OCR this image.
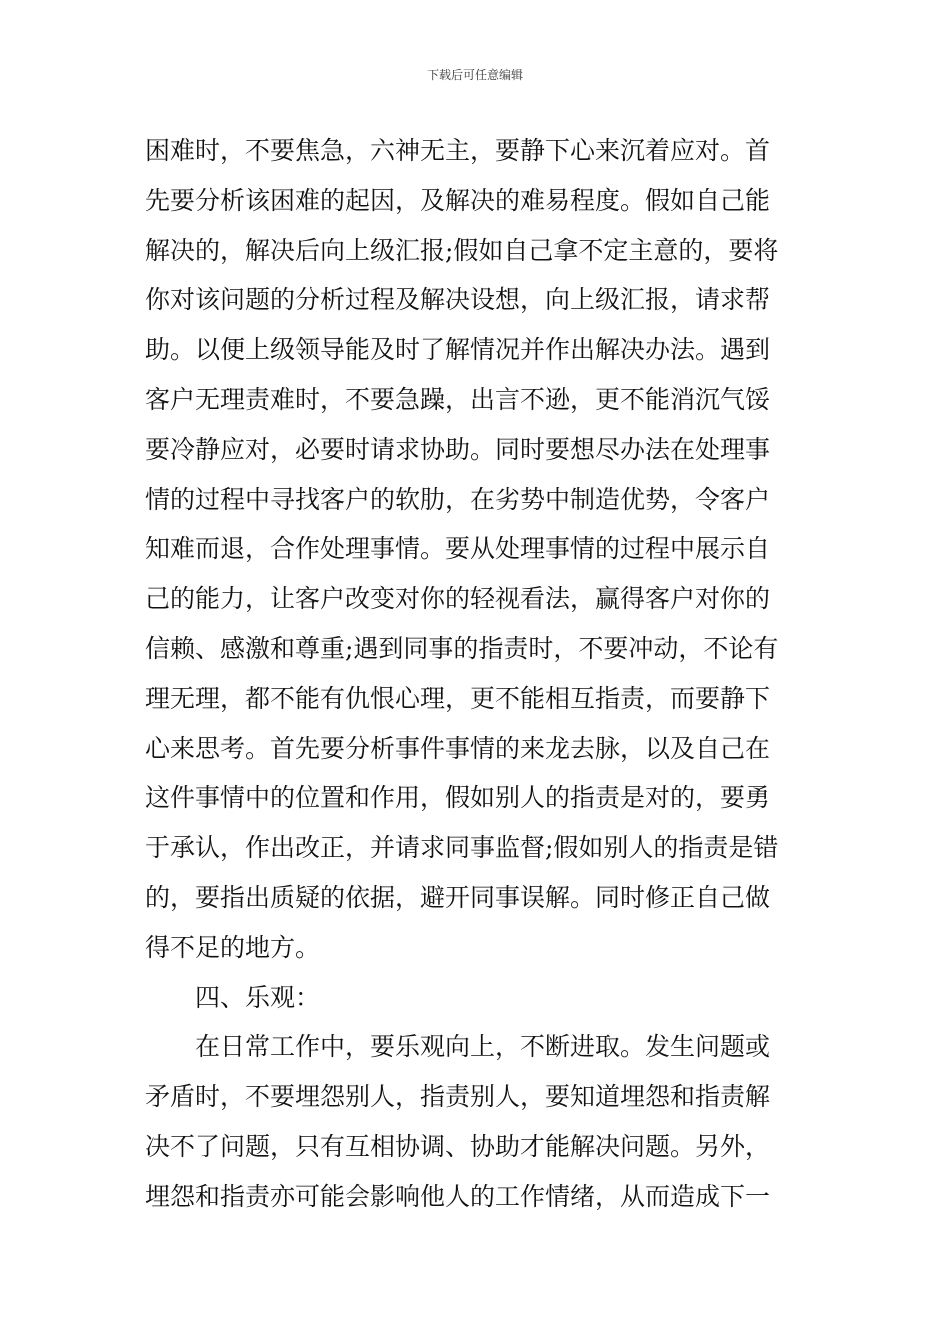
下载后可任意编辑
困难时，不要焦急，六神无主，要静下心来沉着应对。首
先要分析该困难的起因，及解决的难易程度。假如自己能
解决的，解决后向上级汇报;假如自己拿不定主意的，要将
你对该问题的分析过程及解决设想，向上级汇报，请求帮
助。以便上级领导能及时了解情况并作出解决办法。遇到
客户无理责难时，不要急躁，出言不逊，更不能消沉气馁
要冷静应对，必要时请求协助。同时要想尽办法在处理事
情的过程中寻找客户的软肋，在劣势中制造优势，令客户
知难而退，合作处理事情。要从处理事情的过程中展示自
己的能力，让客户改变对你的轻视看法，赢得客户对你的
信赖、感激和尊重;遇到同事的指责时，不要冲动，不论有
理无理，都不能有仇恨心理，更不能相互指责，而要静下
心来思考。首先要分析事件事情的来龙去脉，以及自己在
这件事情中的位置和作用，假如别人的指责是对的，要勇
于承认，作出改正，并请求同事监督;假如别人的指责是错
的，要指出质疑的依据，避开同事误解。同时修正自己做
得不足的地方。
四、乐观：
在日常工作中，要乐观向上，不断进取。发生问题或
矛盾时，不要埋怨别人，指责别人，要知道埋怨和指责解
决不了问题，只有互相协调、协助才能解决问题。另外，
埋怨和指责亦可能会影响他人的工作情绪，从而造成下一
